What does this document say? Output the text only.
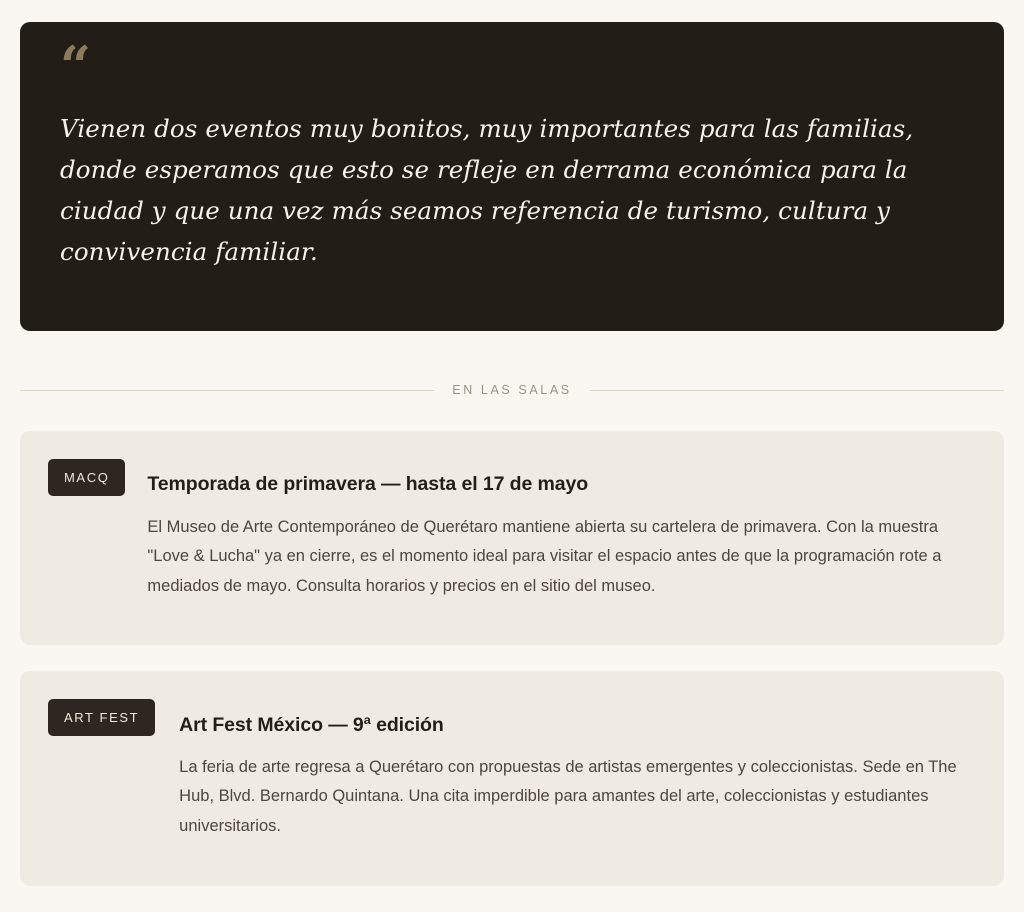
“

Vienen dos eventos muy bonitos, muy importantes para las familias, donde esperamos que esto se refleje en derrama económica para la ciudad y que una vez más seamos referencia de turismo, cultura y convivencia familiar.

EN LAS SALAS
MACQ	Temporada de primavera — hasta el 17 de mayo

El Museo de Arte Contemporáneo de Querétaro mantiene abierta su cartelera de primavera. Con la muestra "Love & Lucha" ya en cierre, es el momento ideal para visitar el espacio antes de que la programación rote a mediados de mayo. Consulta horarios y precios en el sitio del museo.

ART FEST	Art Fest México — 9ª edición

La feria de arte regresa a Querétaro con propuestas de artistas emergentes y coleccionistas. Sede en The Hub, Blvd. Bernardo Quintana. Una cita imperdible para amantes del arte, coleccionistas y estudiantes universitarios.
